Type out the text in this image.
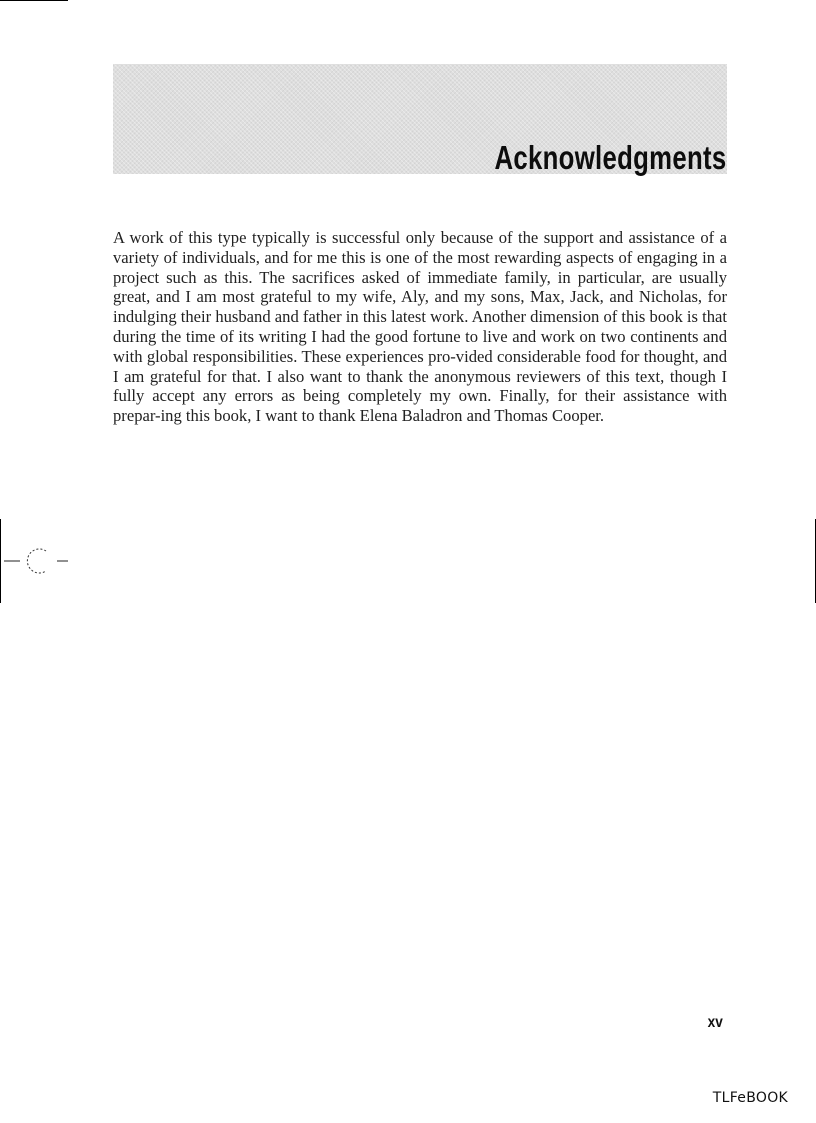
Acknowledgments

A work of this type typically is successful only because of the support and assistance of a variety of individuals, and for me this is one of the most rewarding aspects of engaging in a project such as this. The sacrifices asked of immediate family, in particular, are usually great, and I am most grateful to my wife, Aly, and my sons, Max, Jack, and Nicholas, for indulging their husband and father in this latest work. Another dimension of this book is that during the time of its writing I had the good fortune to live and work on two continents and with global responsibilities. These experiences pro-vided considerable food for thought, and I am grateful for that. I also want to thank the anonymous reviewers of this text, though I fully accept any errors as being completely my own. Finally, for their assistance with prepar-ing this book, I want to thank Elena Baladron and Thomas Cooper.

xv
TLFeBOOK
